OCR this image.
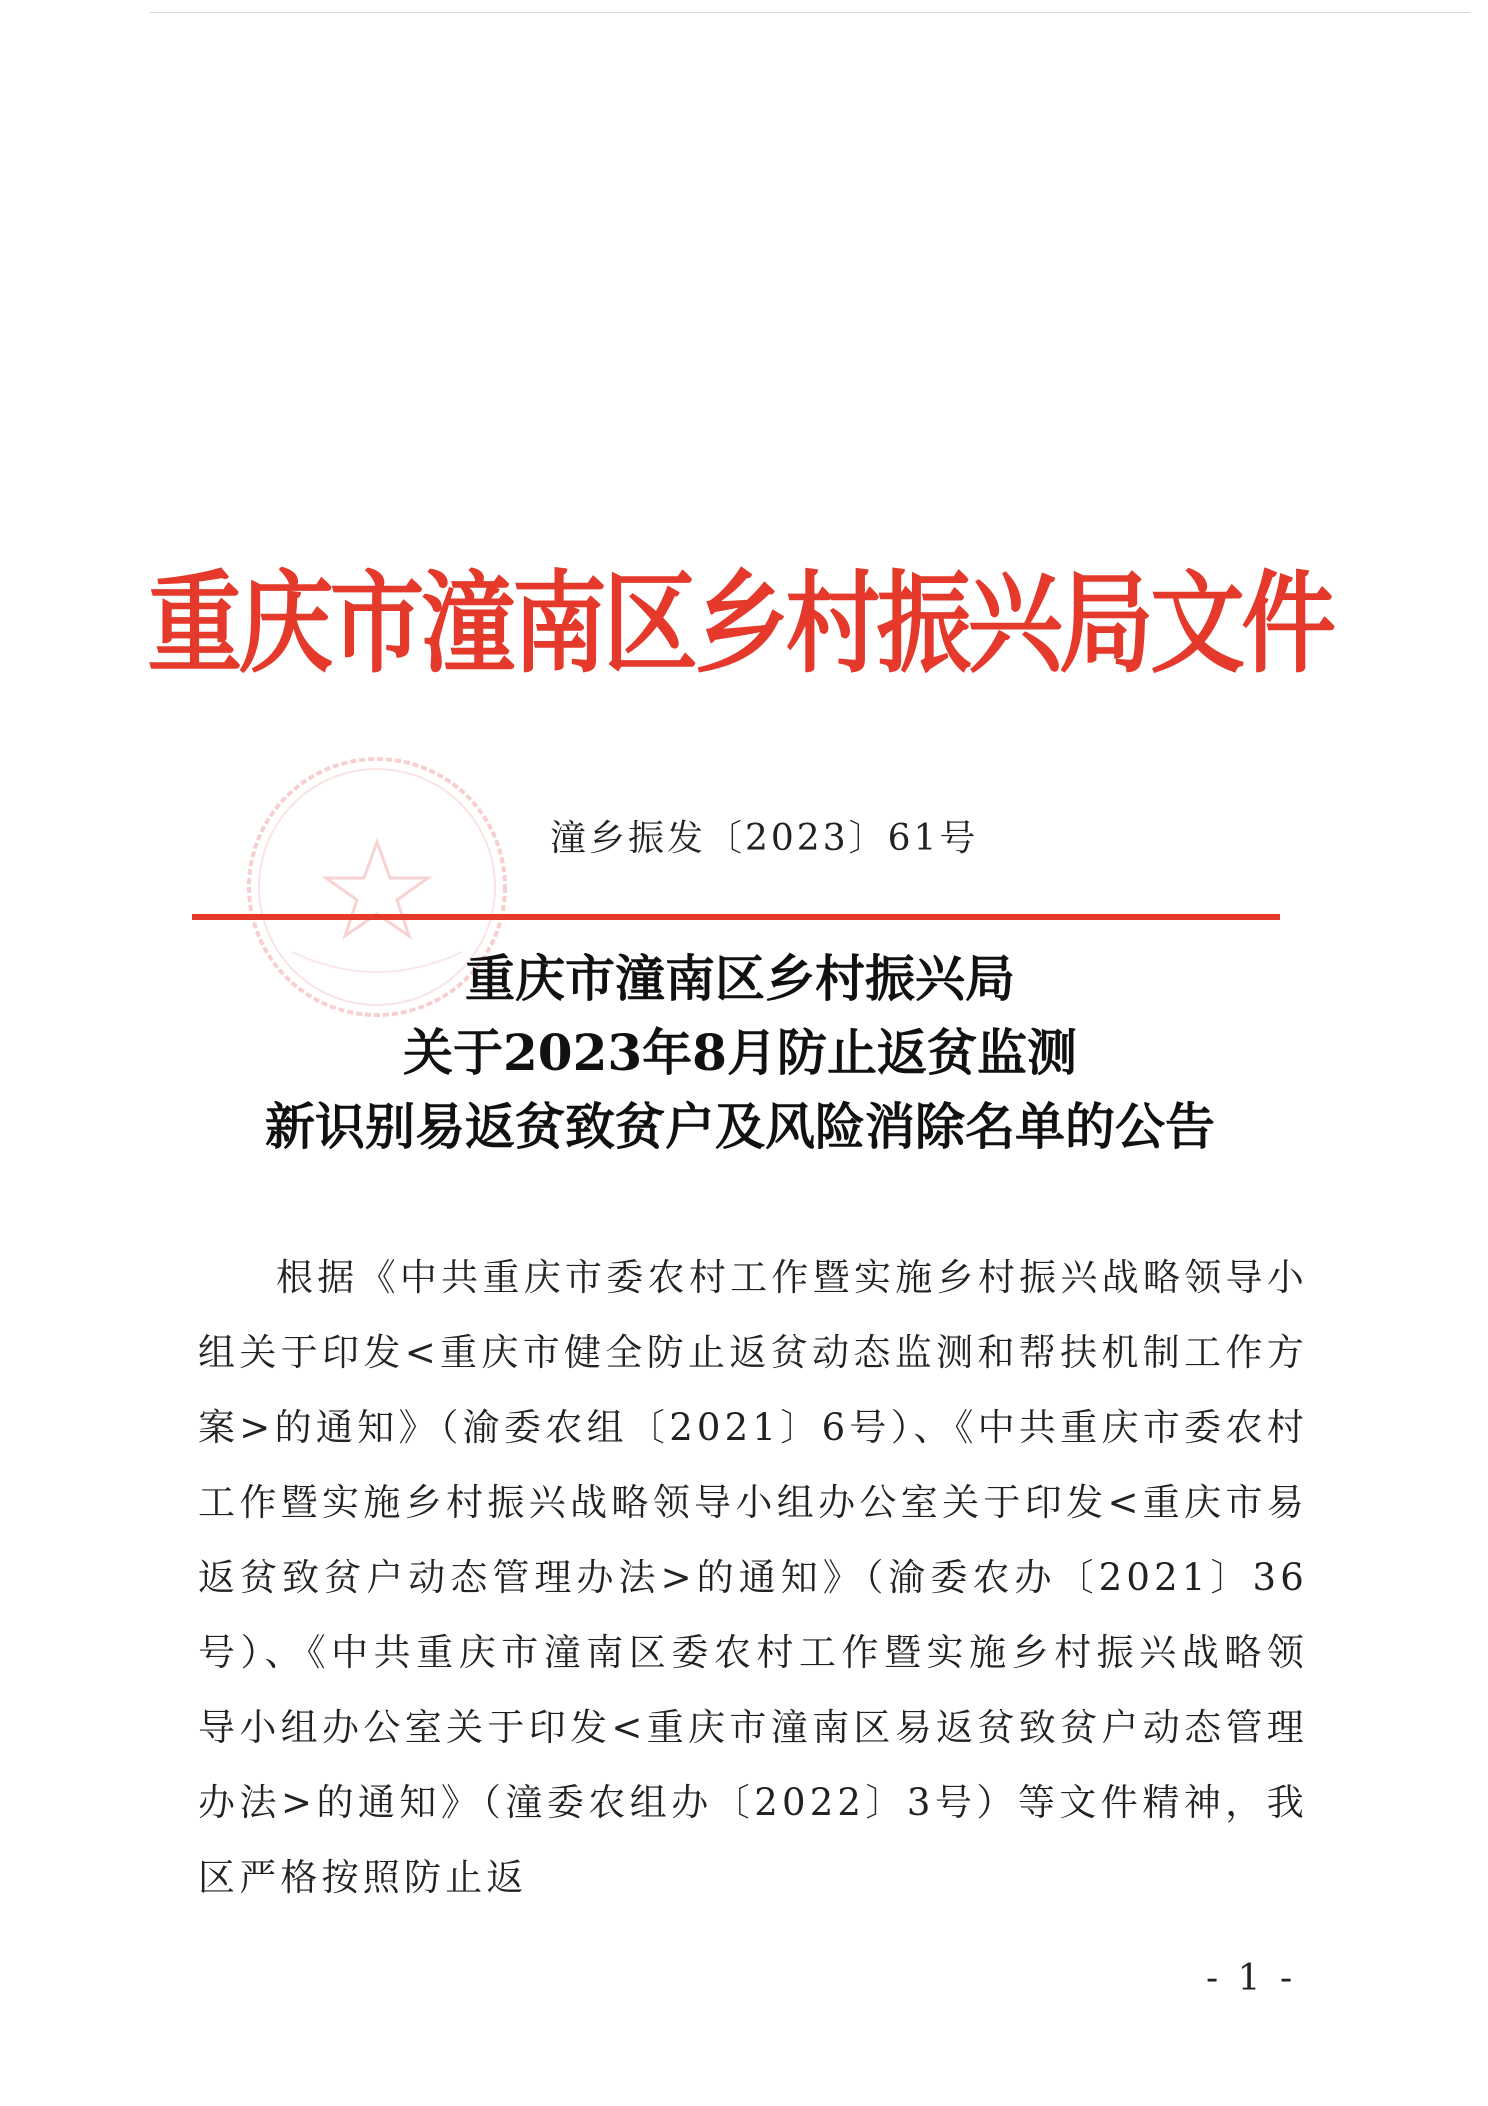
重庆市潼南区乡村振兴局文件
潼乡振发〔2023〕61号
重庆市潼南区乡村振兴局
关于2023年8月防止返贫监测
新识别易返贫致贫户及风险消除名单的公告

根据《中共重庆市委农村工作暨实施乡村振兴战略领导小组关于印发<重庆市健全防止返贫动态监测和帮扶机制工作方案>的通知》（渝委农组〔2021〕6号）、《中共重庆市委农村工作暨实施乡村振兴战略领导小组办公室关于印发<重庆市易返贫致贫户动态管理办法>的通知》（渝委农办〔2021〕36号）、《中共重庆市潼南区委农村工作暨实施乡村振兴战略领导小组办公室关于印发<重庆市潼南区易返贫致贫户动态管理办法>的通知》（潼委农组办〔2022〕3号）等文件精神，我区严格按照防止返

- 1 -
